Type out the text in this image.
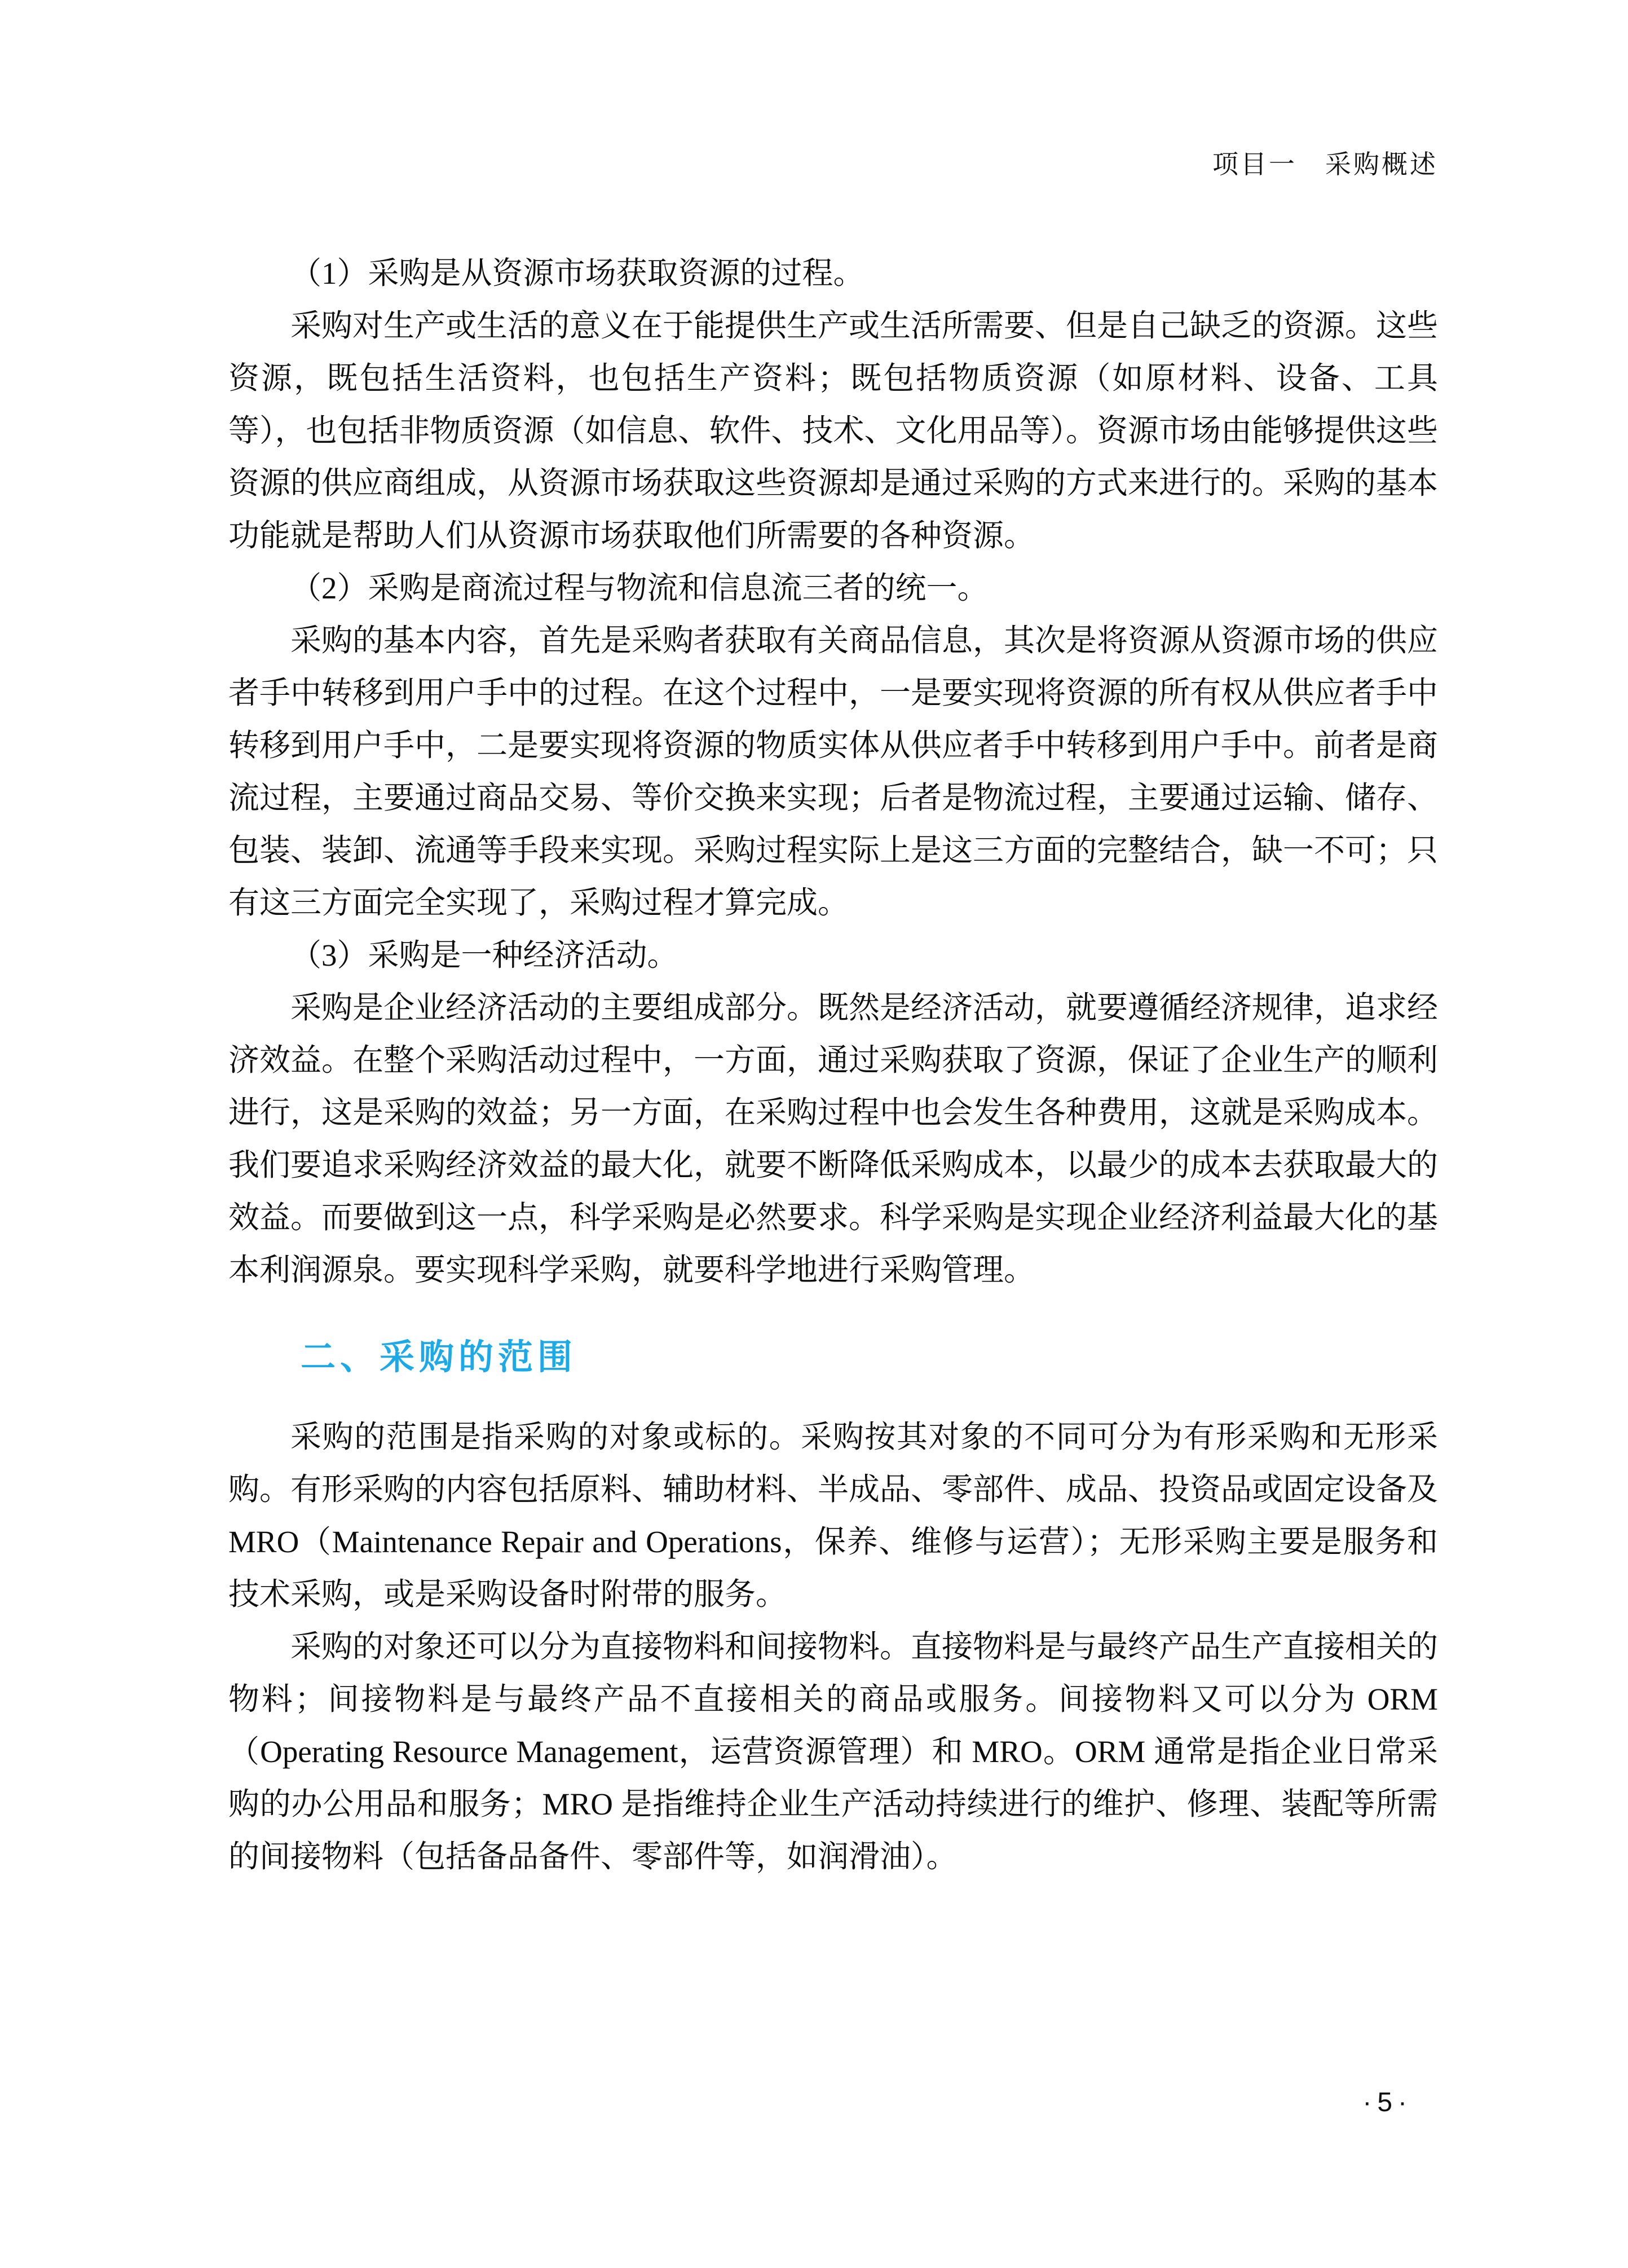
项目一　采购概述

（1）采购是从资源市场获取资源的过程。

采购对生产或生活的意义在于能提供生产或生活所需要、但是自己缺乏的资源。这些资源，既包括生活资料，也包括生产资料；既包括物质资源（如原材料、设备、工具等），也包括非物质资源（如信息、软件、技术、文化用品等）。资源市场由能够提供这些资源的供应商组成，从资源市场获取这些资源却是通过采购的方式来进行的。采购的基本功能就是帮助人们从资源市场获取他们所需要的各种资源。

（2）采购是商流过程与物流和信息流三者的统一。

采购的基本内容，首先是采购者获取有关商品信息，其次是将资源从资源市场的供应者手中转移到用户手中的过程。在这个过程中，一是要实现将资源的所有权从供应者手中转移到用户手中，二是要实现将资源的物质实体从供应者手中转移到用户手中。前者是商流过程，主要通过商品交易、等价交换来实现；后者是物流过程，主要通过运输、储存、包装、装卸、流通等手段来实现。采购过程实际上是这三方面的完整结合，缺一不可；只有这三方面完全实现了，采购过程才算完成。

（3）采购是一种经济活动。

采购是企业经济活动的主要组成部分。既然是经济活动，就要遵循经济规律，追求经济效益。在整个采购活动过程中，一方面，通过采购获取了资源，保证了企业生产的顺利进行，这是采购的效益；另一方面，在采购过程中也会发生各种费用，这就是采购成本。我们要追求采购经济效益的最大化，就要不断降低采购成本，以最少的成本去获取最大的效益。而要做到这一点，科学采购是必然要求。科学采购是实现企业经济利益最大化的基本利润源泉。要实现科学采购，就要科学地进行采购管理。

二、采购的范围

采购的范围是指采购的对象或标的。采购按其对象的不同可分为有形采购和无形采购。有形采购的内容包括原料、辅助材料、半成品、零部件、成品、投资品或固定设备及 MRO（Maintenance Repair and Operations，保养、维修与运营）；无形采购主要是服务和技术采购，或是采购设备时附带的服务。

采购的对象还可以分为直接物料和间接物料。直接物料是与最终产品生产直接相关的物料；间接物料是与最终产品不直接相关的商品或服务。间接物料又可以分为 ORM（Operating Resource Management，运营资源管理）和 MRO。ORM 通常是指企业日常采购的办公用品和服务；MRO 是指维持企业生产活动持续进行的维护、修理、装配等所需的间接物料（包括备品备件、零部件等，如润滑油）。

·5·
